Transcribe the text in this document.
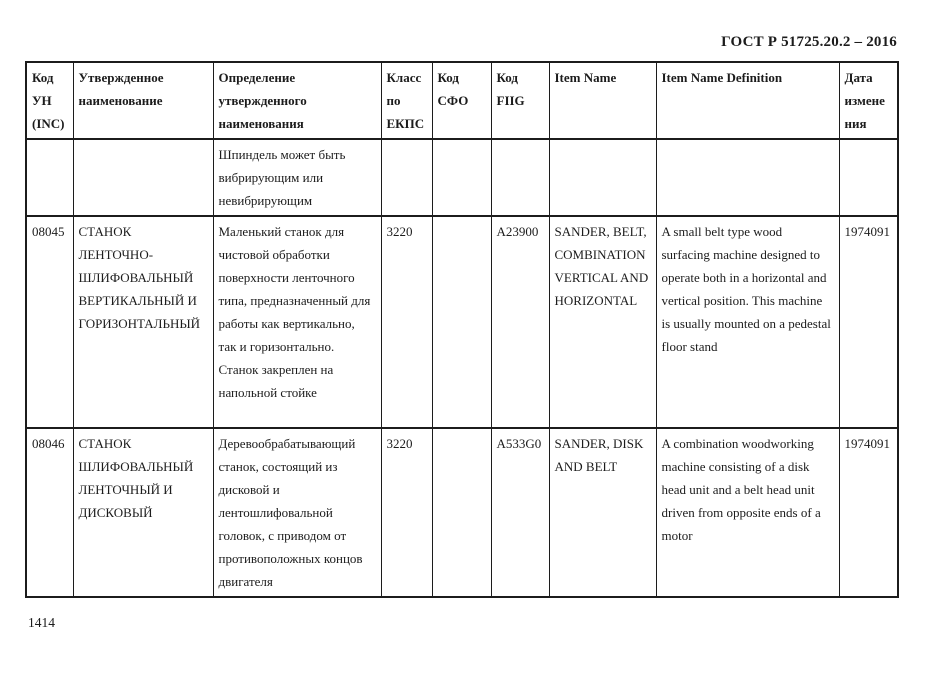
ГОСТ Р 51725.20.2 – 2016
Код УН (INC)	Утвержденное наименование	Определение утвержденного наименования	Класс по ЕКПС	Код СФО	Код FIIG	Item Name	Item Name Definition	Дата изменения
		Шпиндель может быть вибрирующим или невибрирующим						
08045	СТАНОК ЛЕНТОЧНО-ШЛИФОВАЛЬНЫЙ ВЕРТИКАЛЬНЫЙ И ГОРИЗОНТАЛЬНЫЙ	Маленький станок для чистовой обработки поверхности ленточного типа, предназначенный для работы как вертикально, так и горизонтально. Станок закреплен на напольной стойке	3220		A23900	SANDER, BELT, COMBINATION VERTICAL AND HORIZONTAL	A small belt type wood surfacing machine designed to operate both in a horizontal and vertical position. This machine is usually mounted on a pedestal floor stand	1974091
08046	СТАНОК ШЛИФОВАЛЬНЫЙ ЛЕНТОЧНЫЙ И ДИСКОВЫЙ	Деревообрабатывающий станок, состоящий из дисковой и лентошлифовальной головок, с приводом от противоположных концов двигателя	3220		A533G0	SANDER, DISK AND BELT	A combination woodworking machine consisting of a disk head unit and a belt head unit driven from opposite ends of a motor	1974091
1414
